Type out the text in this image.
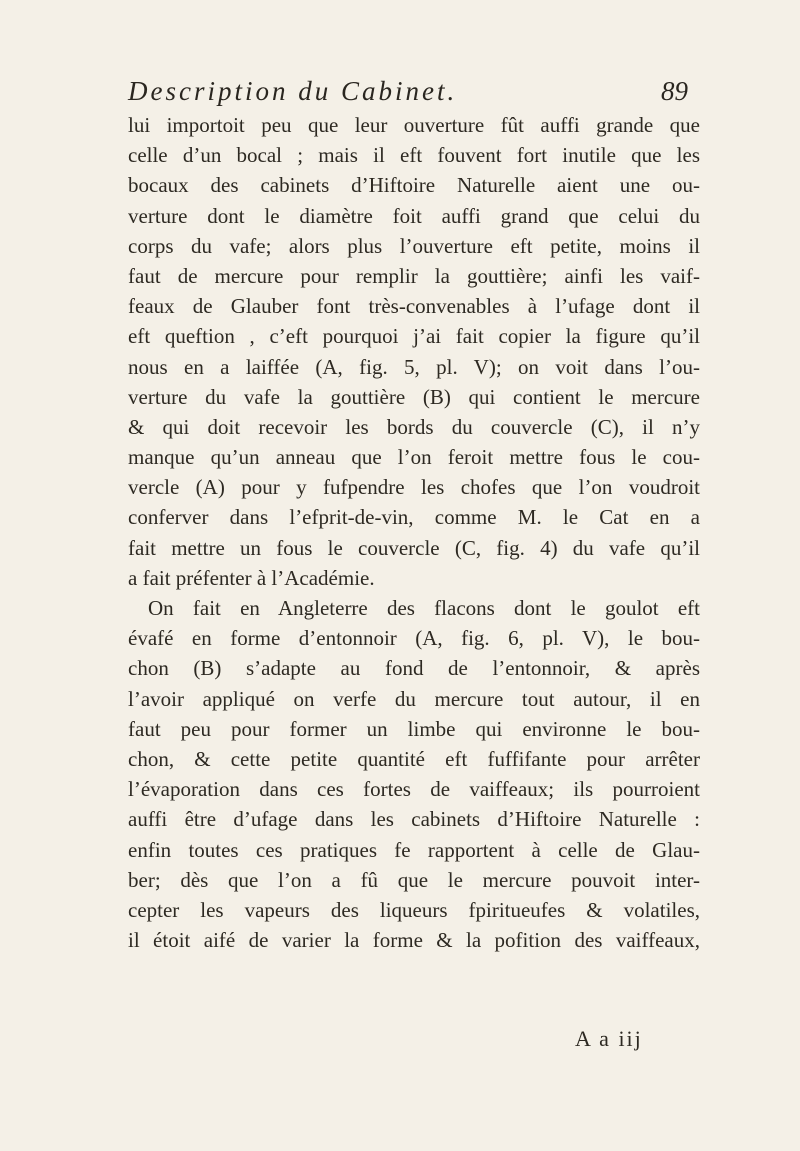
Description du Cabinet.	89
lui importoit peu que leur ouverture fût auffi grande que
celle d’un bocal ; mais il eft fouvent fort inutile que les
bocaux des cabinets d’Hiftoire Naturelle aient une ou-
verture dont le diamètre foit auffi grand que celui du
corps du vafe; alors plus l’ouverture eft petite, moins il
faut de mercure pour remplir la gouttière; ainfi les vaif-
feaux de Glauber font très-convenables à l’ufage dont il
eft queftion , c’eft pourquoi j’ai fait copier la figure qu’il
nous en a laiffée (A, fig. 5, pl. V); on voit dans l’ou-
verture du vafe la gouttière (B) qui contient le mercure
& qui doit recevoir les bords du couvercle (C), il n’y
manque qu’un anneau que l’on feroit mettre fous le cou-
vercle (A) pour y fufpendre les chofes que l’on voudroit
conferver dans l’efprit-de-vin, comme M. le Cat en a
fait mettre un fous le couvercle (C, fig. 4) du vafe qu’il
a fait préfenter à l’Académie.
On fait en Angleterre des flacons dont le goulot eft
évafé en forme d’entonnoir (A, fig. 6, pl. V), le bou-
chon (B) s’adapte au fond de l’entonnoir, & après
l’avoir appliqué on verfe du mercure tout autour, il en
faut peu pour former un limbe qui environne le bou-
chon, & cette petite quantité eft fuffifante pour arrêter
l’évaporation dans ces fortes de vaiffeaux; ils pourroient
auffi être d’ufage dans les cabinets d’Hiftoire Naturelle :
enfin toutes ces pratiques fe rapportent à celle de Glau-
ber; dès que l’on a fû que le mercure pouvoit inter-
cepter les vapeurs des liqueurs fpiritueufes & volatiles,
il étoit aifé de varier la forme & la pofition des vaiffeaux,
A a iij
